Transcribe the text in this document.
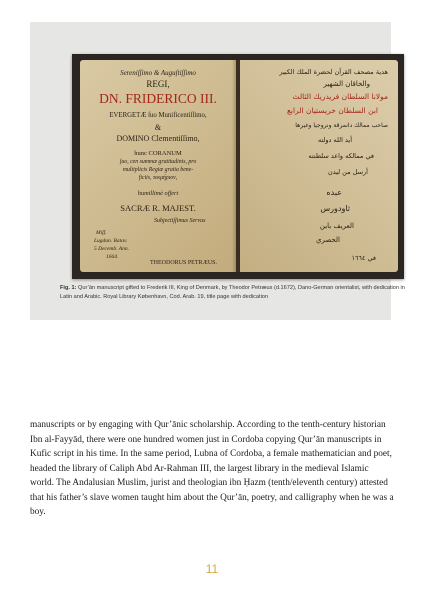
Sereniſſimo & Auguſtiſſimo
REGI,
DN. FRIDERICO III.
EVERGETÆ ſuo Munificentiſſimo,
&
DOMINO Clementiſſimo,
hunc CORANUM
ſuo, cen summæ gratitudinis, pro
multiplicis Regiæ gratia bene-
ficiis, τεκμήριον,
humillimè offert
SACRÆ R. MAJEST.
Subjectiſſimus Servus
Miſſ.
Lugdun. Batav.
5 Decemb. Ann.
1664.
THEODORUS PETRÆUS.
هدية مصحف القرآن لحضرة الملك الكبير
والخاقان الشهير
مولانا السلطان فريدريك الثالث
ابن السلطان خريستيان الرابع
صاحب ممالك دانمرقة ونروجيا وغيرها
أيد الله دولته
في ممالكه واعد سلطنته
أرسل من ليدن
عبده
ثاودورس
العريف باين
الحصري
في ١٦٦٤
Fig. 1: Qur’ān manuscript gifted to Frederik III, King of Denmark, by Theodor Petræus (d.1672), Dano-German orientalist, with dedication in Latin and Arabic. Royal Library København, Cod. Arab. 19, title page with dedication

manuscripts or by engaging with Qur’ānic scholarship. According to the tenth-century historian Ibn al-Fayyād, there were one hundred women just in Cordoba copying Qur’ān manuscripts in Kufic script in his time. In the same period, Lubna of Cordoba, a female mathematician and poet, headed the library of Caliph Abd Ar-Rahman III, the largest library in the medieval Islamic world. The Andalusian Muslim, jurist and theologian ibn Ḥazm (tenth/eleventh century) attested that his father’s slave women taught him about the Qur’ān, poetry, and calligraphy when he was a boy.

11
